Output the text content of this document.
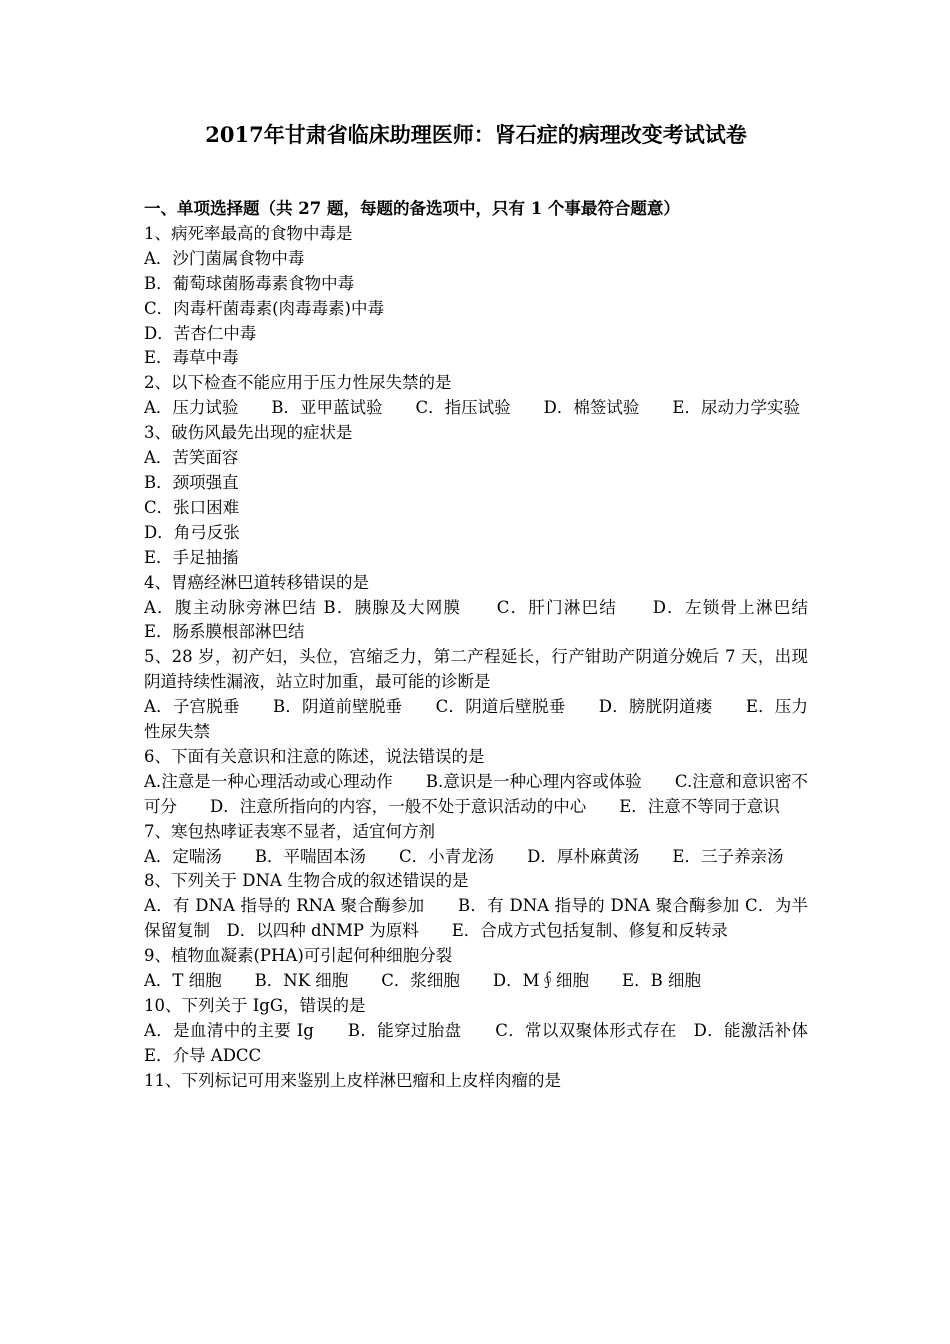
2017年甘肃省临床助理医师：肾石症的病理改变考试试卷
一、单项选择题（共 27 题，每题的备选项中，只有 1 个事最符合题意）
1、病死率最高的食物中毒是
A．沙门菌属食物中毒
B．葡萄球菌肠毒素食物中毒
C．肉毒杆菌毒素(肉毒毒素)中毒
D．苦杏仁中毒
E．毒草中毒
2、以下检查不能应用于压力性尿失禁的是
A．压力试验　　B．亚甲蓝试验　　C．指压试验　　D．棉签试验　　E．尿动力学实验
3、破伤风最先出现的症状是
A．苦笑面容
B．颈项强直
C．张口困难
D．角弓反张
E．手足抽搐
4、胃癌经淋巴道转移错误的是
A．腹主动脉旁淋巴结 B．胰腺及大网膜　　C．肝门淋巴结　　D．左锁骨上淋巴结　　E．肠系膜根部淋巴结
5、28 岁，初产妇，头位，宫缩乏力，第二产程延长，行产钳助产阴道分娩后 7 天，出现阴道持续性漏液，站立时加重，最可能的诊断是
A．子宫脱垂　　B．阴道前壁脱垂　　C．阴道后壁脱垂　　D．膀胱阴道瘘　　E．压力性尿失禁
6、下面有关意识和注意的陈述，说法错误的是
A.注意是一种心理活动或心理动作　　B.意识是一种心理内容或体验　　C.注意和意识密不可分　　D．注意所指向的内容，一般不处于意识活动的中心　　E．注意不等同于意识
7、寒包热哮证表寒不显者，适宜何方剂
A．定喘汤　　B．平喘固本汤　　C．小青龙汤　　D．厚朴麻黄汤　　E．三子养亲汤
8、下列关于 DNA 生物合成的叙述错误的是
A．有 DNA 指导的 RNA 聚合酶参加　　B．有 DNA 指导的 DNA 聚合酶参加 C．为半保留复制　D．以四种 dNMP 为原料　　E．合成方式包括复制、修复和反转录
9、植物血凝素(PHA)可引起何种细胞分裂
A．T 细胞　　B．NK 细胞　　C．浆细胞　　D．M∮细胞　　E．B 细胞
10、下列关于 IgG，错误的是
A．是血清中的主要 Ig　　B．能穿过胎盘　　C．常以双聚体形式存在　D．能激活补体　　E．介导 ADCC
11、下列标记可用来鉴别上皮样淋巴瘤和上皮样肉瘤的是
